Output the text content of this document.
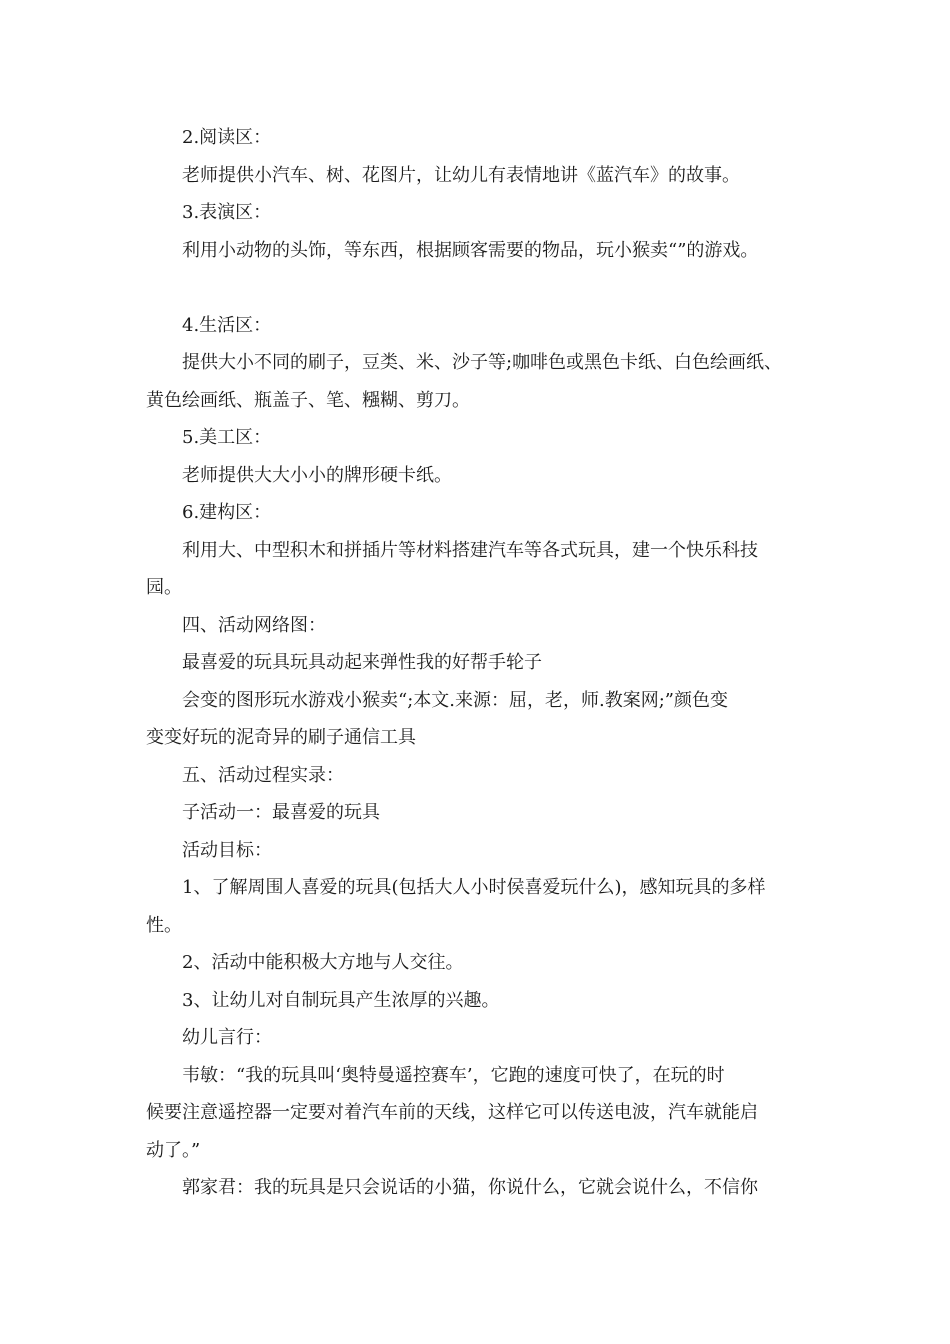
2.阅读区：
老师提供小汽车、树、花图片，让幼儿有表情地讲《蓝汽车》的故事。
3.表演区：
利用小动物的头饰，等东西，根据顾客需要的物品，玩小猴卖“”的游戏。
4.生活区：
提供大小不同的刷子，豆类、米、沙子等;咖啡色或黑色卡纸、白色绘画纸、
黄色绘画纸、瓶盖子、笔、糨糊、剪刀。
5.美工区：
老师提供大大小小的牌形硬卡纸。
6.建构区：
利用大、中型积木和拼插片等材料搭建汽车等各式玩具，建一个快乐科技
园。
四、活动网络图：
最喜爱的玩具玩具动起来弹性我的好帮手轮子
会变的图形玩水游戏小猴卖“;本文.来源：屈，老，师.教案网;”颜色变
变变好玩的泥奇异的刷子通信工具
五、活动过程实录：
子活动一：最喜爱的玩具
活动目标：
1、了解周围人喜爱的玩具(包括大人小时侯喜爱玩什么)，感知玩具的多样
性。
2、活动中能积极大方地与人交往。
3、让幼儿对自制玩具产生浓厚的兴趣。
幼儿言行：
韦敏：“我的玩具叫‘奥特曼遥控赛车’，它跑的速度可快了，在玩的时
候要注意遥控器一定要对着汽车前的天线，这样它可以传送电波，汽车就能启
动了。”
郭家君：我的玩具是只会说话的小猫，你说什么，它就会说什么，不信你
